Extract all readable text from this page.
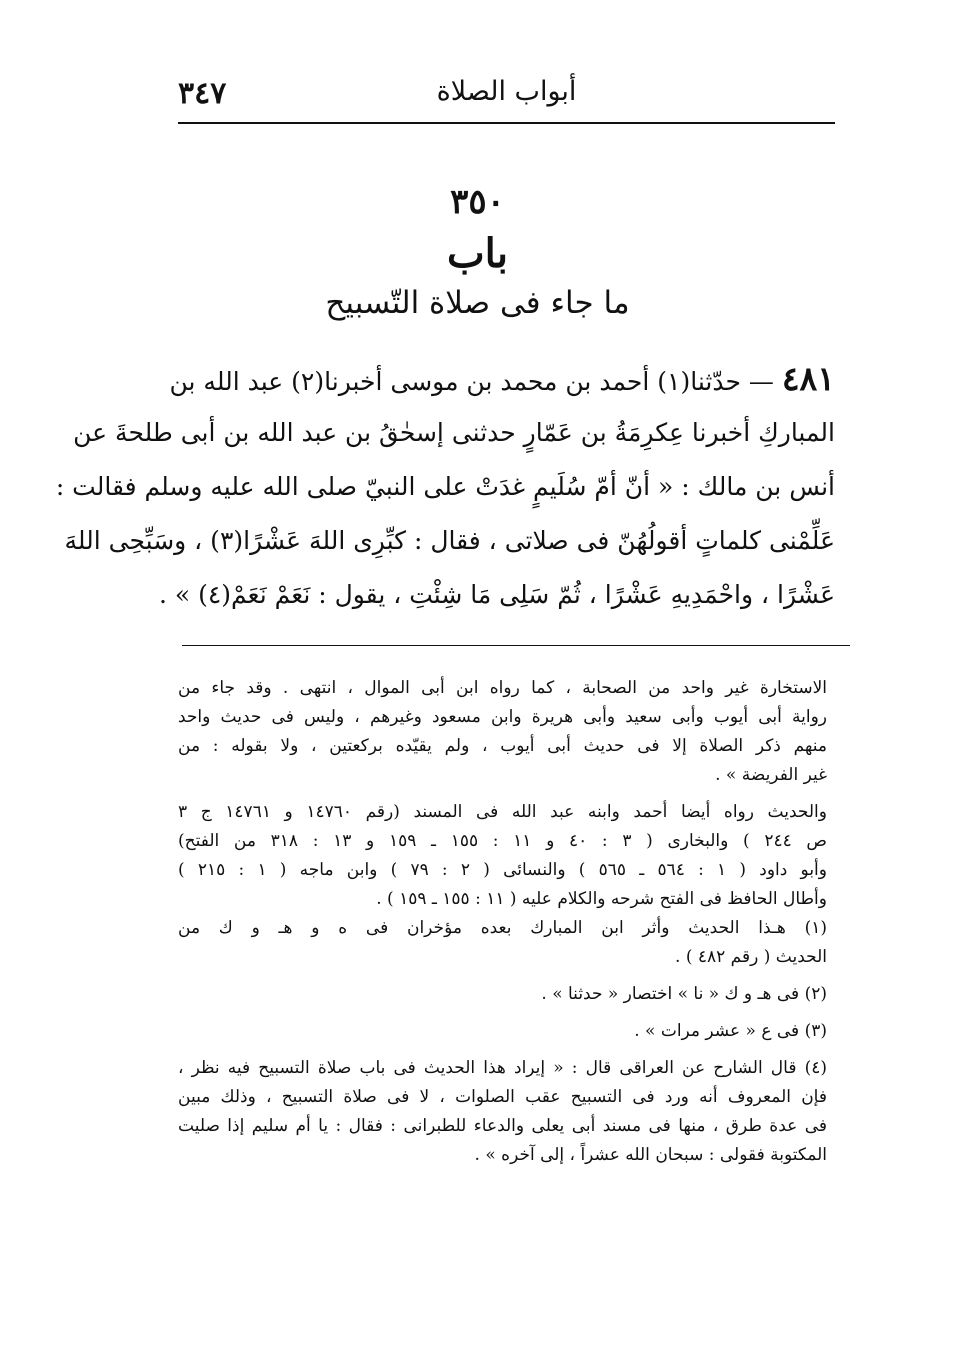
٣٤٧	أبواب الصلاة
٣٥٠
باب
ما جاء فى صلاة التّسبيح
٤٨١ — حدّثنا(١) أحمد بن محمد بن موسى أخبرنا(٢) عبد الله بن
المباركِ أخبرنا عِكرِمَةُ بن عَمّارٍ حدثنى إسحٰقُ بن عبد الله بن أبى طلحةَ عن
أنس بن مالك : « أنّ أمّ سُلَيمٍ غدَتْ على النبيّ صلى الله عليه وسلم فقالت :
عَلِّمْنى كلماتٍ أقولُهُنّ فى صلاتى ، فقال : كبِّرِى اللهَ عَشْرًا(٣) ، وسَبِّحِى اللهَ
عَشْرًا ، واحْمَدِيهِ عَشْرًا ، ثُمّ سَلِى مَا شِئْتِ ، يقول : نَعَمْ نَعَمْ(٤) » .
الاستخارة غير واحد من الصحابة ، كما رواه ابن أبى الموال ، انتهى . وقد جاء من
رواية أبى أيوب وأبى سعيد وأبى هريرة وابن مسعود وغيرهم ، وليس فى حديث واحد
منهم ذكر الصلاة إلا فى حديث أبى أيوب ، ولم يقيّده بركعتين ، ولا بقوله : من
غير الفريضة » .
والحديث رواه أيضا أحمد وابنه عبد الله فى المسند (رقم ١٤٧٦٠ و ١٤٧٦١ ج ٣
ص ٢٤٤ ) والبخارى ( ٣ : ٤٠ و ١١ : ١٥٥ ـ ١٥٩ و ١٣ : ٣١٨ من الفتح)
وأبو داود ( ١ : ٥٦٤ ـ ٥٦٥ ) والنسائى ( ٢ : ٧٩ ) وابن ماجه ( ١ : ٢١٥ )
وأطال الحافظ فى الفتح شرحه والكلام عليه ( ١١ : ١٥٥ ـ ١٥٩ ) .
(١) هـذا الحديث وأثر ابن المبارك بعده مؤخران فى ه و هـ و ك من
الحديث ( رقم ٤٨٢ ) .
(٢) فى هـ و ك « نا » اختصار « حدثنا » .
(٣) فى ع « عشر مرات » .
(٤) قال الشارح عن العراقى قال : « إيراد هذا الحديث فى باب صلاة التسبيح فيه نظر ،
فإن المعروف أنه ورد فى التسبيح عقب الصلوات ، لا فى صلاة التسبيح ، وذلك مبين
فى عدة طرق ، منها فى مسند أبى يعلى والدعاء للطبرانى : فقال : يا أم سليم إذا صليت
المكتوبة فقولى : سبحان الله عشراً ، إلى آخره » .
